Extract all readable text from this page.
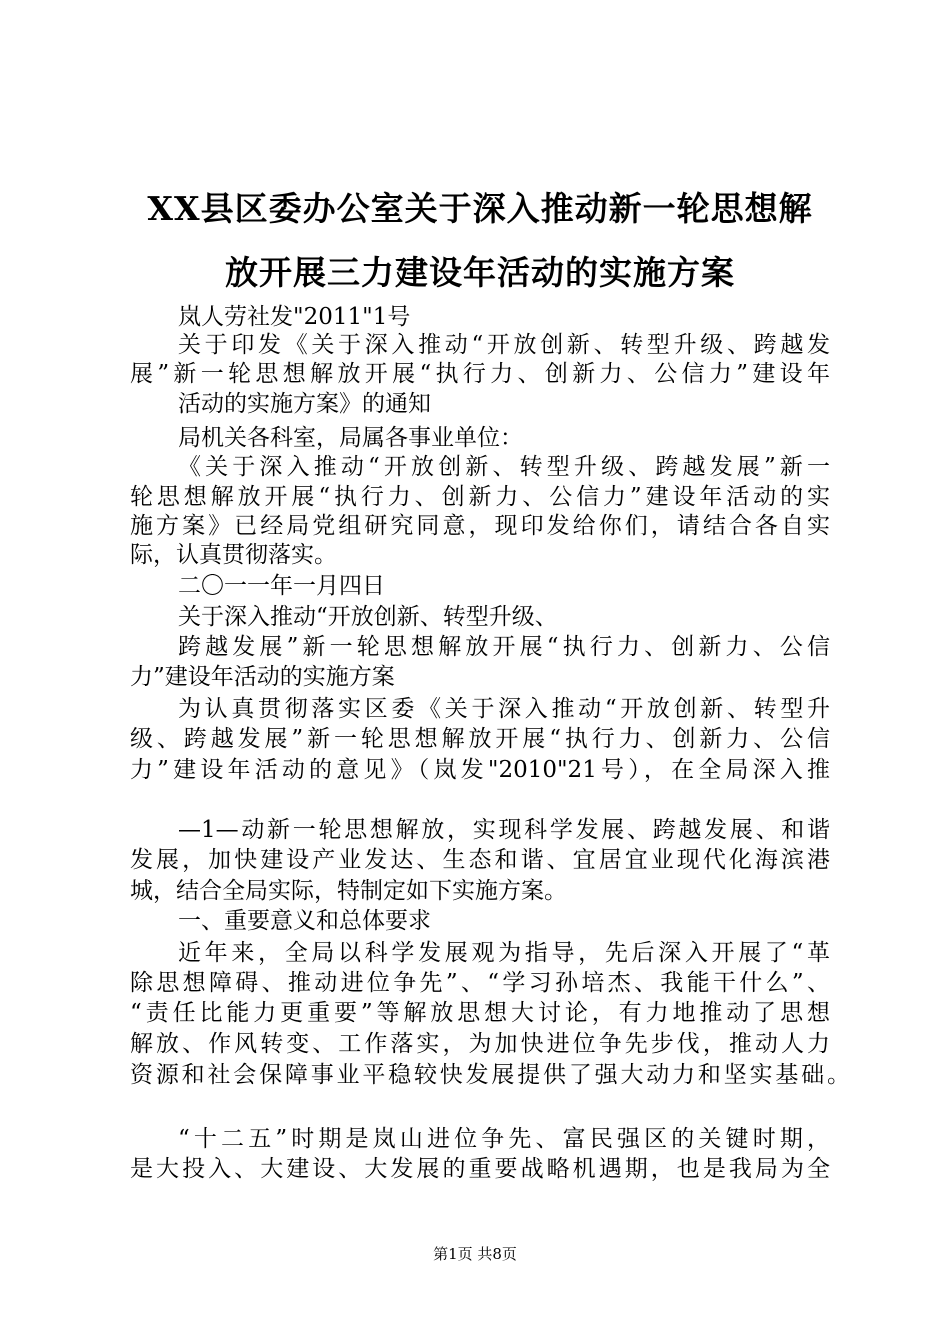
XX县区委办公室关于深入推动新一轮思想解
放开展三力建设年活动的实施方案
岚人劳社发"2011"1号
关于印发《关于深入推动“开放创新、转型升级、跨越发
展”新一轮思想解放开展“执行力、创新力、公信力”建设年
活动的实施方案》的通知
局机关各科室，局属各事业单位：
《关于深入推动“开放创新、转型升级、跨越发展”新一
轮思想解放开展“执行力、创新力、公信力”建设年活动的实
施方案》已经局党组研究同意，现印发给你们，请结合各自实
际，认真贯彻落实。
二〇一一年一月四日
关于深入推动“开放创新、转型升级、
跨越发展”新一轮思想解放开展“执行力、创新力、公信
力”建设年活动的实施方案
为认真贯彻落实区委《关于深入推动“开放创新、转型升
级、跨越发展”新一轮思想解放开展“执行力、创新力、公信
力”建设年活动的意见》（岚发"2010"21号），在全局深入推
—1—动新一轮思想解放，实现科学发展、跨越发展、和谐
发展，加快建设产业发达、生态和谐、宜居宜业现代化海滨港
城，结合全局实际，特制定如下实施方案。
一、重要意义和总体要求
近年来，全局以科学发展观为指导，先后深入开展了“革
除思想障碍、推动进位争先”、“学习孙培杰、我能干什么”、
“责任比能力更重要”等解放思想大讨论，有力地推动了思想
解放、作风转变、工作落实，为加快进位争先步伐，推动人力
资源和社会保障事业平稳较快发展提供了强大动力和坚实基础。
“十二五”时期是岚山进位争先、富民强区的关键时期，
是大投入、大建设、大发展的重要战略机遇期，也是我局为全
第1页 共8页
